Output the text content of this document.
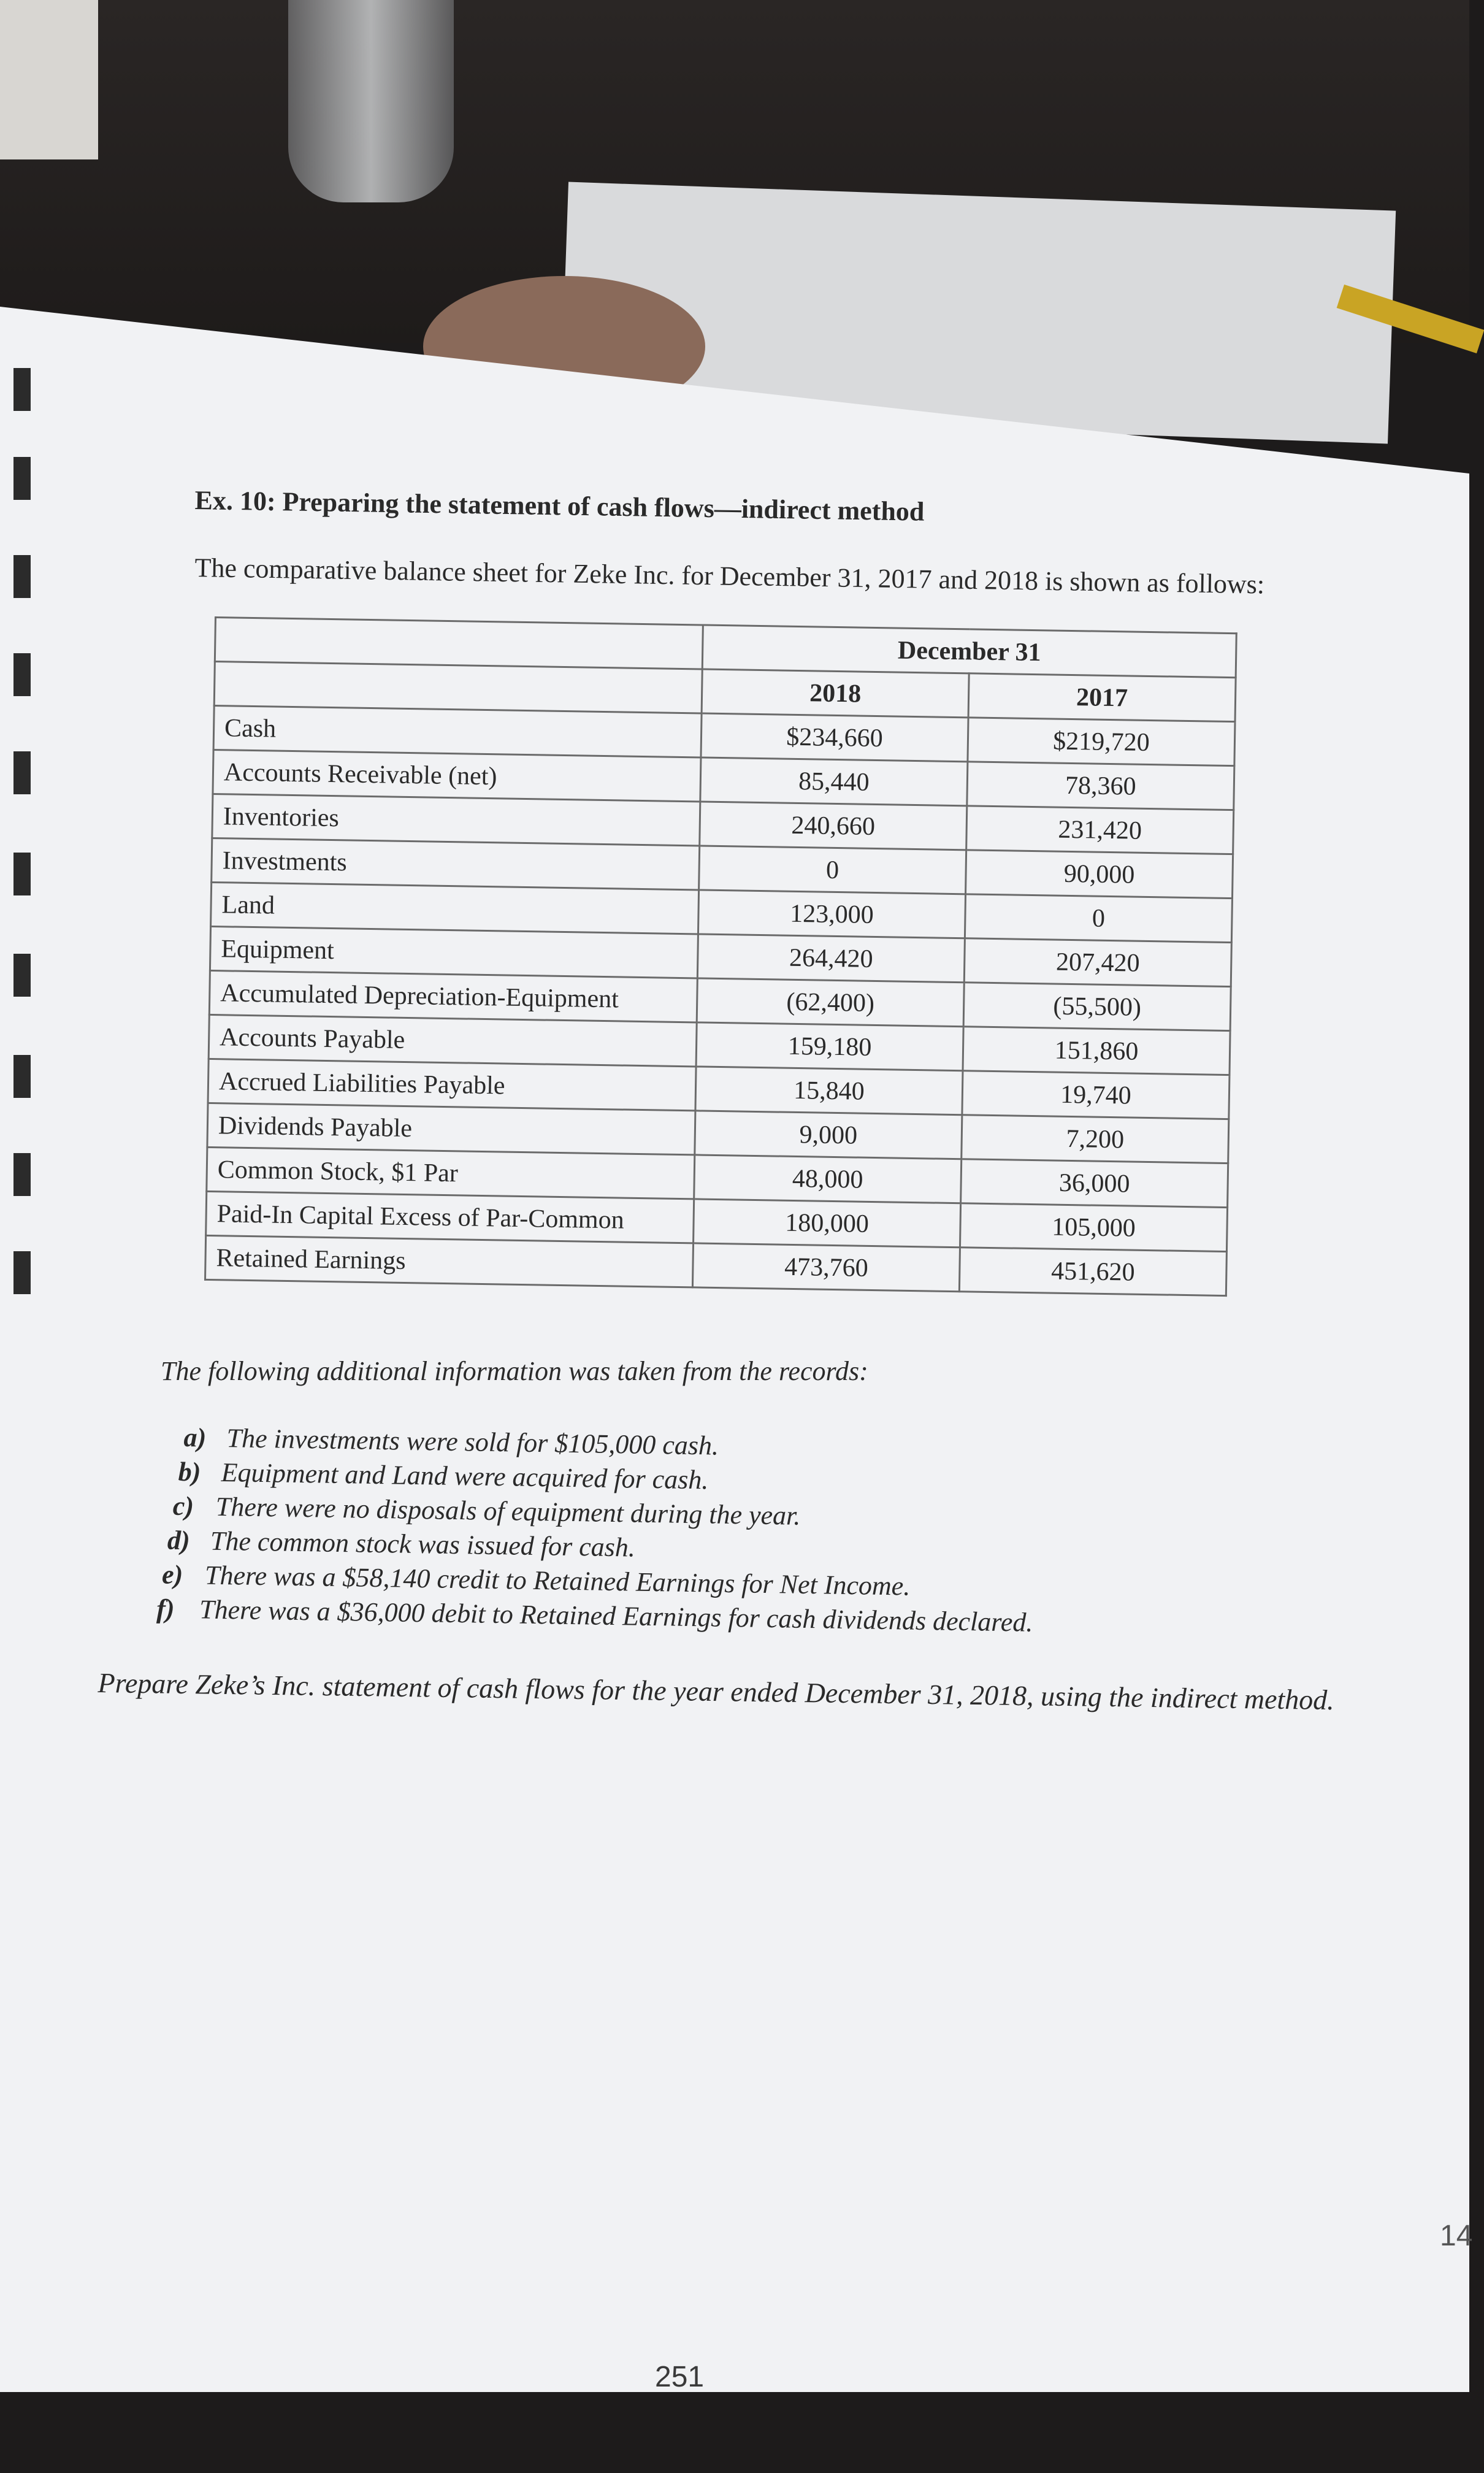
Ex. 10: Preparing the statement of cash flows—indirect method
The comparative balance sheet for Zeke Inc. for December 31, 2017 and 2018 is shown as follows:
	December 31	
	2018	2017
Cash	$234,660	$219,720
Accounts Receivable (net)	85,440	78,360
Inventories	240,660	231,420
Investments	0	90,000
Land	123,000	0
Equipment	264,420	207,420
Accumulated Depreciation-Equipment	(62,400)	(55,500)
Accounts Payable	159,180	151,860
Accrued Liabilities Payable	15,840	19,740
Dividends Payable	9,000	7,200
Common Stock, $1 Par	48,000	36,000
Paid-In Capital Excess of Par-Common	180,000	105,000
Retained Earnings	473,760	451,620
The following additional information was taken from the records:
a) The investments were sold for $105,000 cash.
b) Equipment and Land were acquired for cash.
c) There were no disposals of equipment during the year.
d) The common stock was issued for cash.
e) There was a $58,140 credit to Retained Earnings for Net Income.
f) There was a $36,000 debit to Retained Earnings for cash dividends declared.
Prepare Zeke’s Inc. statement of cash flows for the year ended December 31, 2018, using the indirect method.
251
14
